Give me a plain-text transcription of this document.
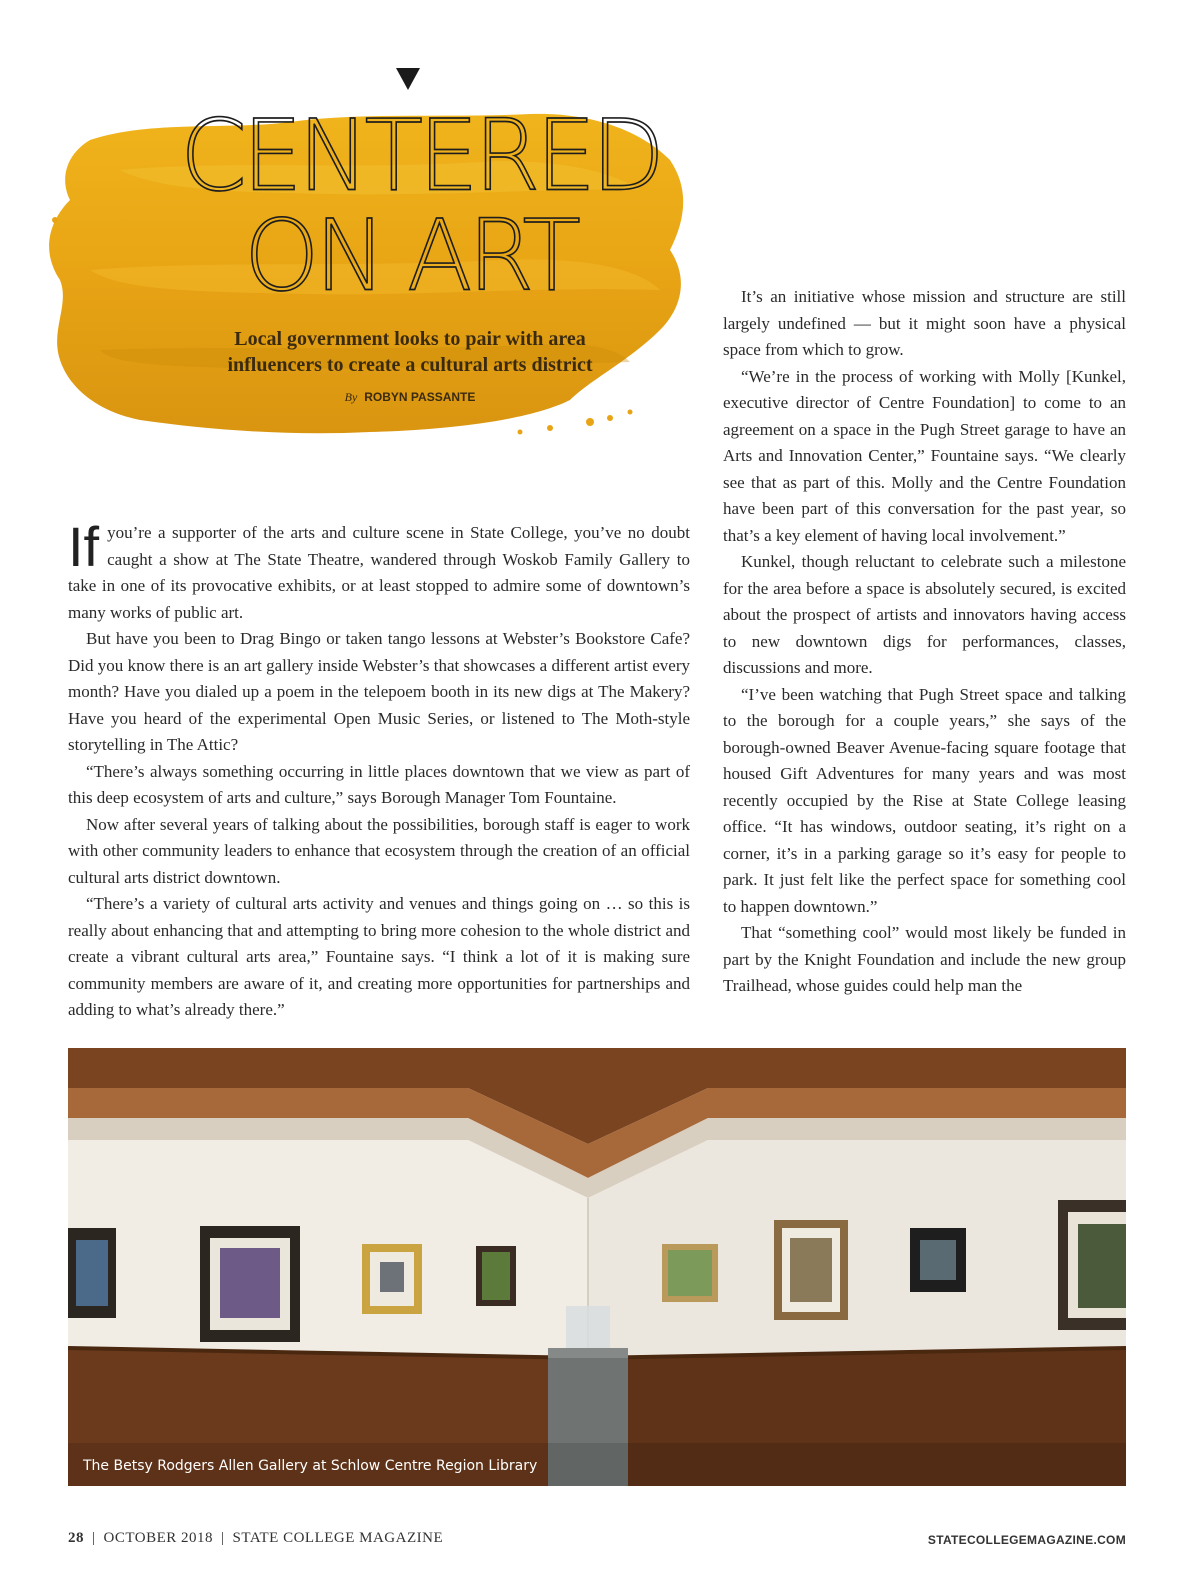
CENTERED
ON ART
Local government looks to pair with area influencers to create a cultural arts district
By ROBYN PASSANTE

If you’re a supporter of the arts and culture scene in State College, you’ve no doubt caught a show at The State Theatre, wandered through Woskob Family Gallery to take in one of its provocative exhibits, or at least stopped to admire some of downtown’s many works of public art.

But have you been to Drag Bingo or taken tango lessons at Webster’s Bookstore Cafe? Did you know there is an art gallery inside Webster’s that showcases a different artist every month? Have you dialed up a poem in the telepoem booth in its new digs at The Makery? Have you heard of the experimental Open Music Series, or listened to The Moth-style storytelling in The Attic?

“There’s always something occurring in little places downtown that we view as part of this deep ecosystem of arts and culture,” says Borough Manager Tom Fountaine.

Now after several years of talking about the possibilities, borough staff is eager to work with other community leaders to enhance that ecosystem through the creation of an official cultural arts district downtown.

“There’s a variety of cultural arts activity and venues and things going on … so this is really about enhancing that and attempting to bring more cohesion to the whole district and create a vibrant cultural arts area,” Fountaine says. “I think a lot of it is making sure community members are aware of it, and creating more opportunities for partnerships and adding to what’s already there.”

It’s an initiative whose mission and structure are still largely undefined — but it might soon have a physical space from which to grow.

“We’re in the process of working with Molly [Kunkel, executive director of Centre Foundation] to come to an agreement on a space in the Pugh Street garage to have an Arts and Innovation Center,” Fountaine says. “We clearly see that as part of this. Molly and the Centre Foundation have been part of this conversation for the past year, so that’s a key element of having local involvement.”

Kunkel, though reluctant to celebrate such a milestone for the area before a space is absolutely secured, is excited about the prospect of artists and innovators having access to new downtown digs for performances, classes, discussions and more.

“I’ve been watching that Pugh Street space and talking to the borough for a couple years,” she says of the borough-owned Beaver Avenue-facing square footage that housed Gift Adventures for many years and was most recently occupied by the Rise at State College leasing office. “It has windows, outdoor seating, it’s right on a corner, it’s in a parking garage so it’s easy for people to park. It just felt like the perfect space for something cool to happen downtown.”

That “something cool” would most likely be funded in part by the Knight Foundation and include the new group Trailhead, whose guides could help man the

The Betsy Rodgers Allen Gallery at Schlow Centre Region Library
28 | OCTOBER 2018 | STATE COLLEGE MAGAZINE	STATECOLLEGEMAGAZINE.COM
